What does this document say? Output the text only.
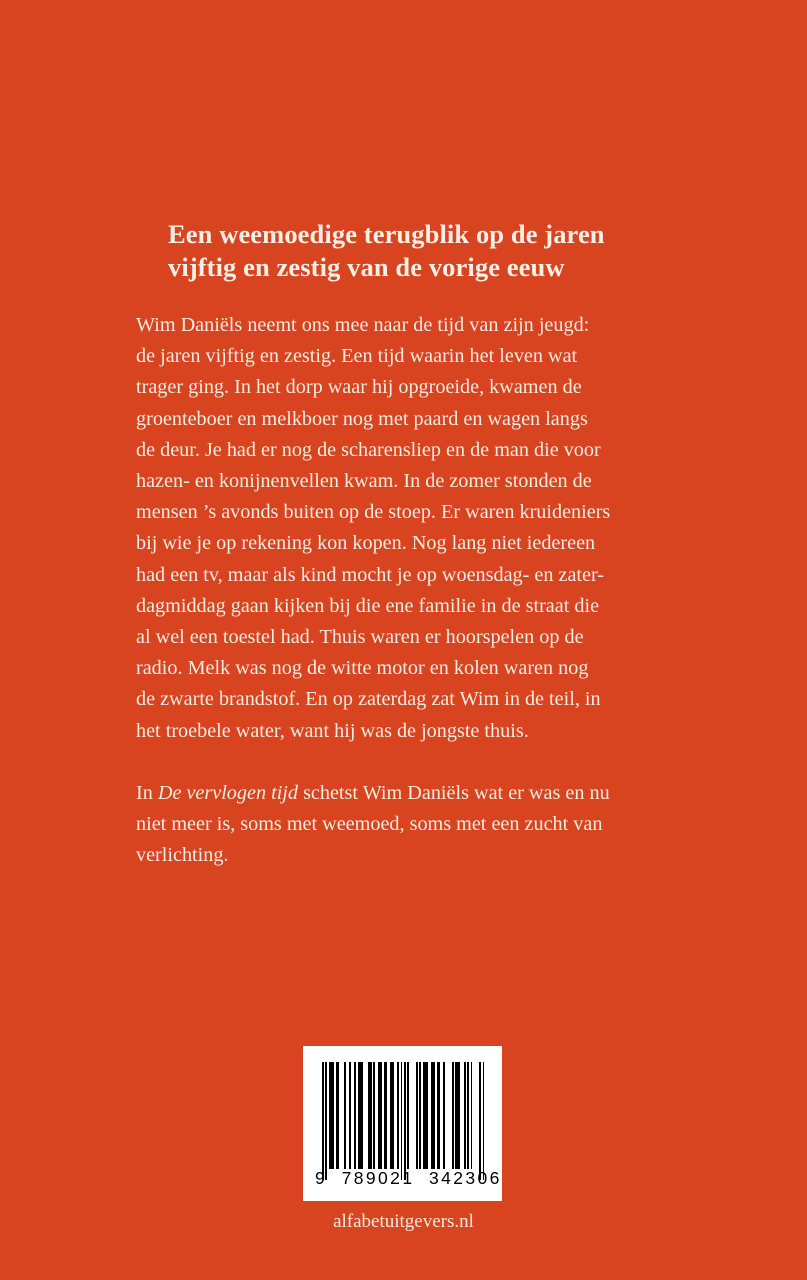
Een weemoedige terugblik op de jaren
vijftig en zestig van de vorige eeuw

Wim Daniëls neemt ons mee naar de tijd van zijn jeugd:
de jaren vijftig en zestig. Een tijd waarin het leven wat
trager ging. In het dorp waar hij opgroeide, kwamen de
groenteboer en melkboer nog met paard en wagen langs
de deur. Je had er nog de scharensliep en de man die voor
hazen- en konijnenvellen kwam. In de zomer stonden de
mensen ’s avonds buiten op de stoep. Er waren kruideniers
bij wie je op rekening kon kopen. Nog lang niet iedereen
had een tv, maar als kind mocht je op woensdag- en zater-
dagmiddag gaan kijken bij die ene familie in de straat die
al wel een toestel had. Thuis waren er hoorspelen op de
radio. Melk was nog de witte motor en kolen waren nog
de zwarte brandstof. En op zaterdag zat Wim in de teil, in
het troebele water, want hij was de jongste thuis.

In De vervlogen tijd schetst Wim Daniëls wat er was en nu
niet meer is, soms met weemoed, soms met een zucht van
verlichting.

9  789021  342306
alfabetuitgevers.nl
